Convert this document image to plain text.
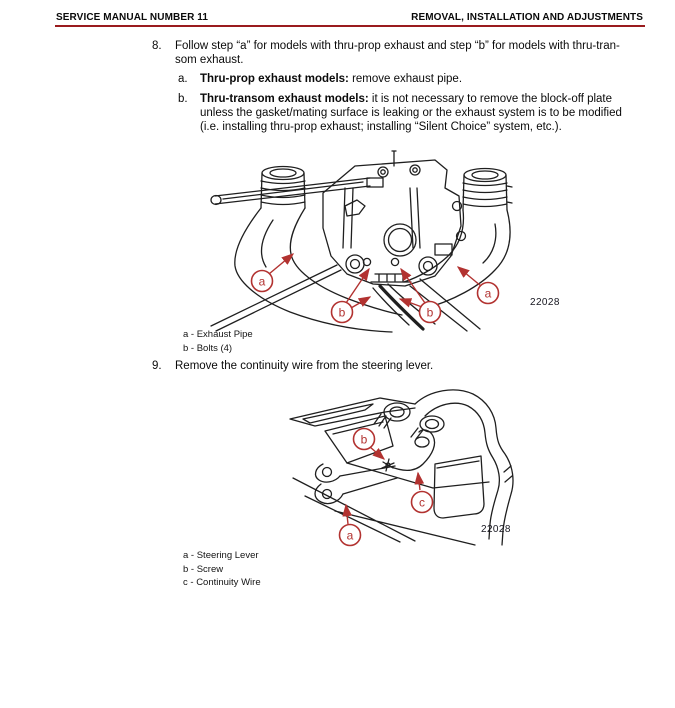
SERVICE MANUAL NUMBER 11	REMOVAL, INSTALLATION AND ADJUSTMENTS
8. Follow step “a” for models with thru-prop exhaust and step “b” for models with thru-tran-
som exhaust.
a. Thru-prop exhaust models: remove exhaust pipe.
b. Thru-transom exhaust models: it is not necessary to remove the block-off plate
unless the gasket/mating surface is leaking or the exhaust system is to be modified
(i.e. installing thru-prop exhaust; installing “Silent Choice” system, etc.).
a
a
b	b
22028
a - Exhaust Pipe
b - Bolts (4)
9. Remove the continuity wire from the steering lever.
b
c
a	22028
a - Steering Lever
b - Screw
c - Continuity Wire
